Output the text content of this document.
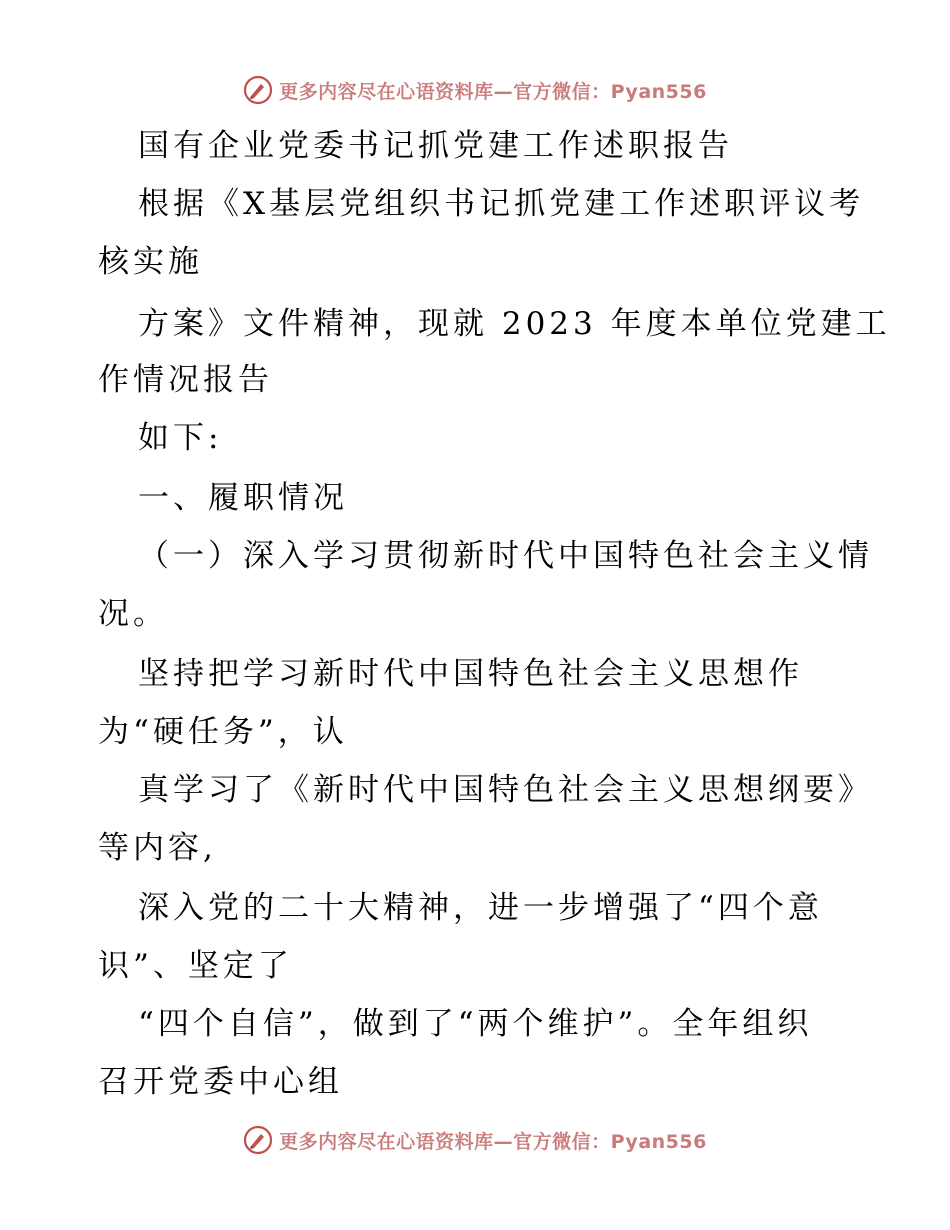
更多内容尽在心语资料库—官方微信：Pyan556
国有企业党委书记抓党建工作述职报告
根据《X基层党组织书记抓党建工作述职评议考
核实施
方案》文件精神，现就 2023 年度本单位党建工
作情况报告
如下:
一、履职情况
（一）深入学习贯彻新时代中国特色社会主义情
况。
坚持把学习新时代中国特色社会主义思想作
为“硬任务”，认
真学习了《新时代中国特色社会主义思想纲要》
等内容,
深入党的二十大精神，进一步增强了“四个意
识”、坚定了
“四个自信”，做到了“两个维护”。全年组织
召开党委中心组
更多内容尽在心语资料库—官方微信：Pyan556
